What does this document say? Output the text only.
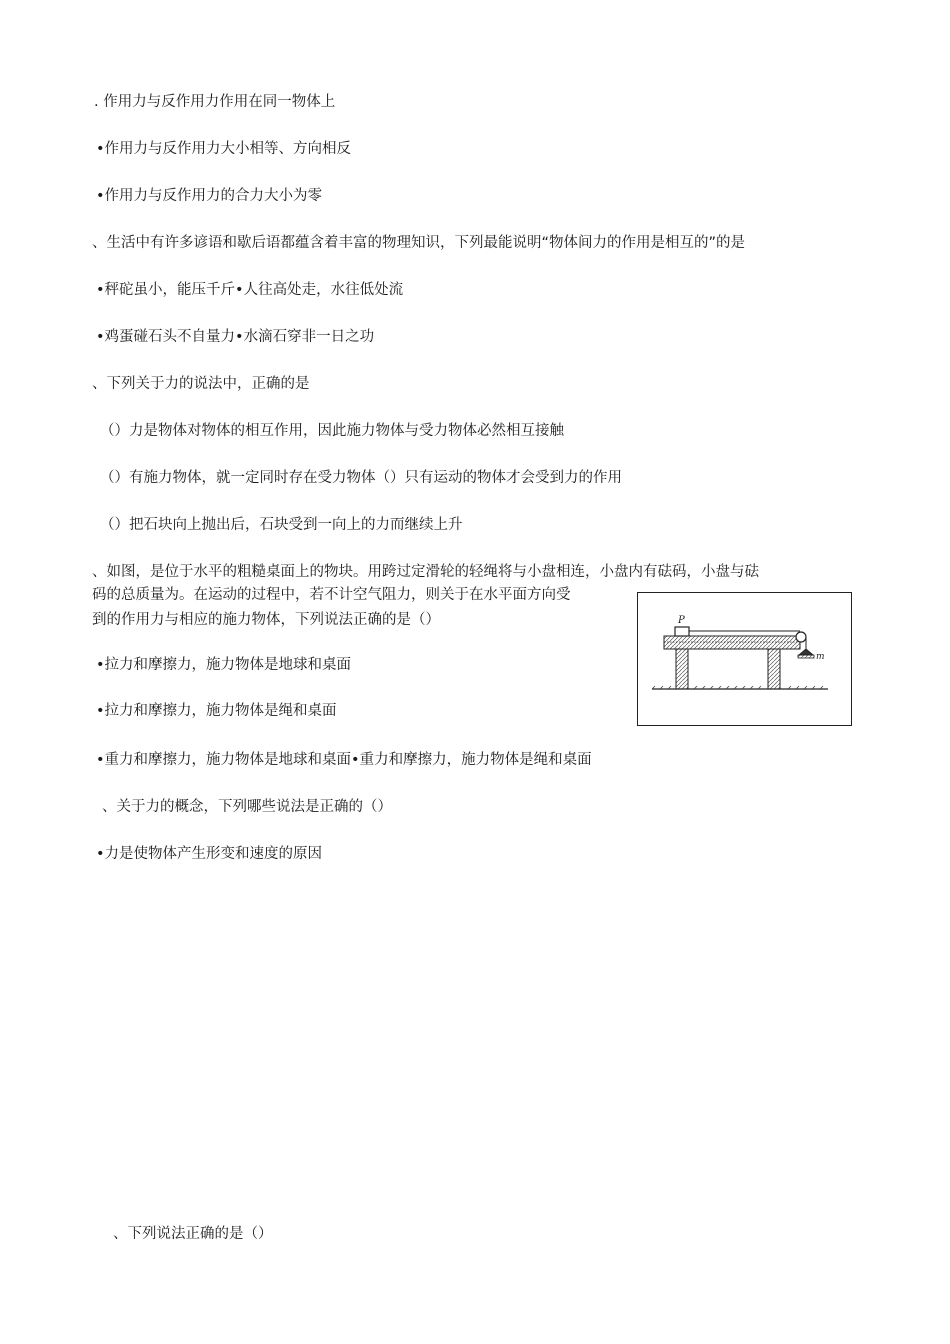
. 作用力与反作用力作用在同一物体上
•作用力与反作用力大小相等、方向相反
•作用力与反作用力的合力大小为零
、生活中有许多谚语和歇后语都蕴含着丰富的物理知识，下列最能说明“物体间力的作用是相互的”的是
•秤砣虽小，能压千斤•人往高处走，水往低处流
•鸡蛋碰石头不自量力•水滴石穿非一日之功
、下列关于力的说法中，正确的是
（）力是物体对物体的相互作用，因此施力物体与受力物体必然相互接触
（）有施力物体，就一定同时存在受力物体（）只有运动的物体才会受到力的作用
（）把石块向上抛出后，石块受到一向上的力而继续上升
、如图，是位于水平的粗糙桌面上的物块。用跨过定滑轮的轻绳将与小盘相连，小盘内有砝码，小盘与砝
码的总质量为。在运动的过程中，若不计空气阻力，则关于在水平面方向受
到的作用力与相应的施力物体，下列说法正确的是（）	P
m
•拉力和摩擦力，施力物体是地球和桌面
•拉力和摩擦力，施力物体是绳和桌面
•重力和摩擦力，施力物体是地球和桌面•重力和摩擦力，施力物体是绳和桌面
、关于力的概念，下列哪些说法是正确的（）
•力是使物体产生形变和速度的原因
、下列说法正确的是（）
